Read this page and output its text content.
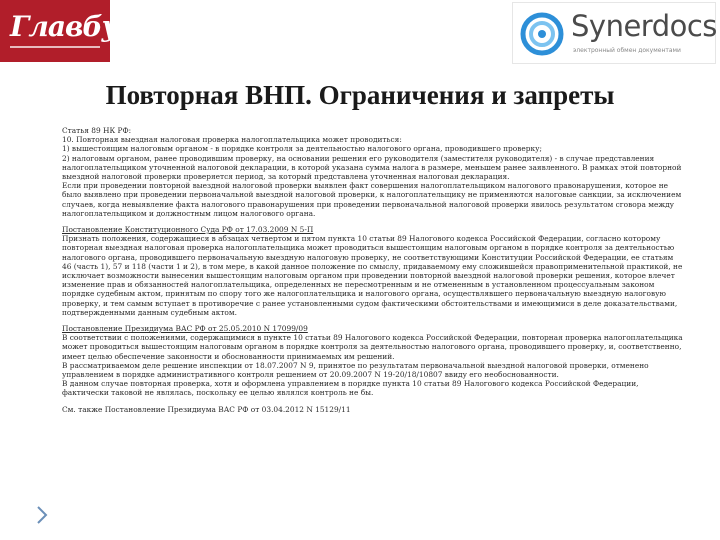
Главбух	Synerdocs
электронный обмен документами
Повторная ВНП. Ограничения и запреты

Статья 89 НК РФ:

10. Повторная выездная налоговая проверка налогоплательщика может проводиться:

1) вышестоящим налоговым органом - в порядке контроля за деятельностью налогового органа, проводившего проверку;

2) налоговым органом, ранее проводившим проверку, на основании решения его руководителя (заместителя руководителя) - в случае представления налогоплательщиком уточненной налоговой декларации, в которой указана сумма налога в размере, меньшем ранее заявленного. В рамках этой повторной выездной налоговой проверки проверяется период, за который представлена уточненная налоговая декларация.

Если при проведении повторной выездной налоговой проверки выявлен факт совершения налогоплательщиком налогового правонарушения, которое не было выявлено при проведении первоначальной выездной налоговой проверки, к налогоплательщику не применяются налоговые санкции, за исключением случаев, когда невыявление факта налогового правонарушения при проведении первоначальной налоговой проверки явилось результатом сговора между налогоплательщиком и должностным лицом налогового органа.

Постановление Конституционного Суда РФ от 17.03.2009 N 5-П

Признать положения, содержащиеся в абзацах четвертом и пятом пункта 10 статьи 89 Налогового кодекса Российской Федерации, согласно которому повторная выездная налоговая проверка налогоплательщика может проводиться вышестоящим налоговым органом в порядке контроля за деятельностью налогового органа, проводившего первоначальную выездную налоговую проверку, не соответствующими Конституции Российской Федерации, ее статьям 46 (часть 1), 57 и 118 (части 1 и 2), в том мере, в какой данное положение по смыслу, придаваемому ему сложившейся правоприменительной практикой, не исключает возможности вынесения вышестоящим налоговым органом при проведении повторной выездной налоговой проверки решения, которое влечет изменение прав и обязанностей налогоплательщика, определенных не пересмотренным и не отмененным в установленном процессуальным законом порядке судебным актом, принятым по спору того же налогоплательщика и налогового органа, осуществлявшего первоначальную выездную налоговую проверку, и тем самым вступает в противоречие с ранее установленными судом фактическими обстоятельствами и имеющимися в деле доказательствами, подтвержденными данным судебным актом.

Постановление Президиума ВАС РФ от 25.05.2010 N 17099/09

В соответствии с положениями, содержащимися в пункте 10 статьи 89 Налогового кодекса Российской Федерации, повторная проверка налогоплательщика может проводиться вышестоящим налоговым органом в порядке контроля за деятельностью налогового органа, проводившего проверку, и, соответственно, имеет целью обеспечение законности и обоснованности принимаемых им решений.

В рассматриваемом деле решение инспекции от 18.07.2007 N 9, принятое по результатам первоначальной выездной налоговой проверки, отменено управлением в порядке административного контроля решением от 20.09.2007 N 19-20/18/10807 ввиду его необоснованности.

В данном случае повторная проверка, хотя и оформлена управлением в порядке пункта 10 статьи 89 Налогового кодекса Российской Федерации, фактически таковой не являлась, поскольку ее целью являлся контроль не бы.

См. также Постановление Президиума ВАС РФ от 03.04.2012 N 15129/11
